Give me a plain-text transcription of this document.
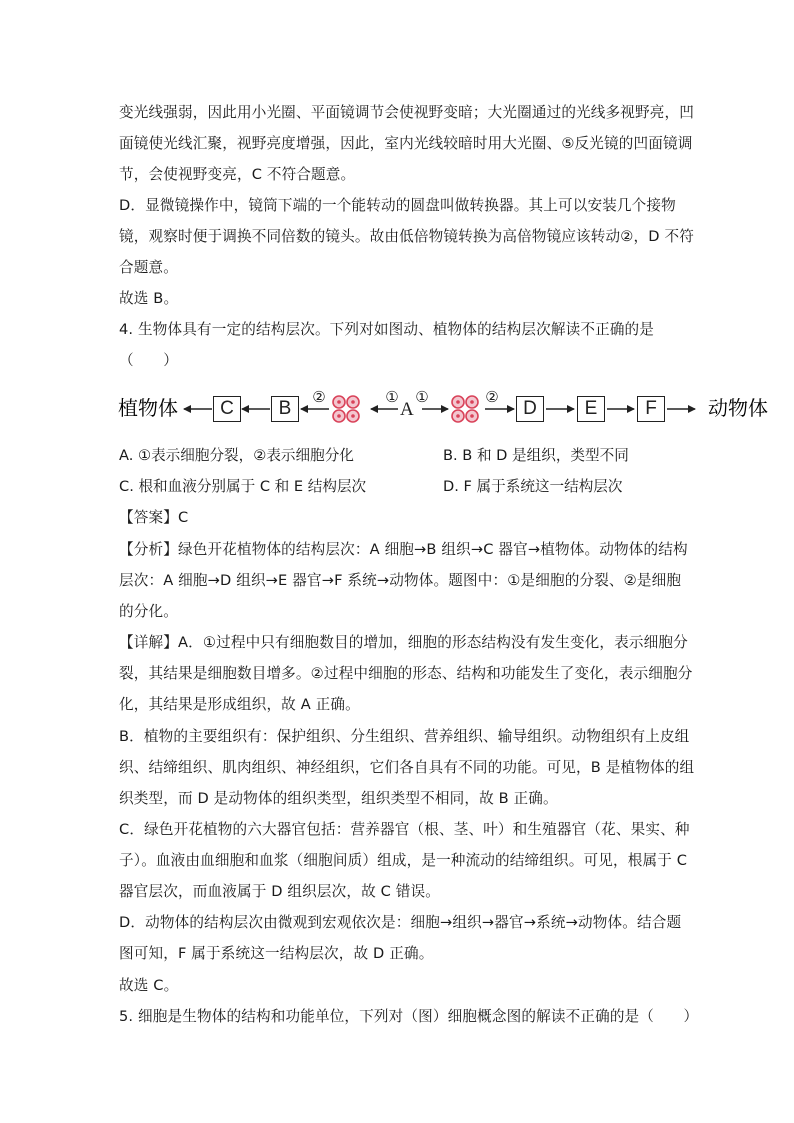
变光线强弱，因此用小光圈、平面镜调节会使视野变暗；大光圈通过的光线多视野亮，凹
面镜使光线汇聚，视野亮度增强，因此，室内光线较暗时用大光圈、⑤反光镜的凹面镜调
节，会使视野变亮，C 不符合题意。
D．显微镜操作中，镜筒下端的一个能转动的圆盘叫做转换器。其上可以安装几个接物
镜，观察时便于调换不同倍数的镜头。故由低倍物镜转换为高倍物镜应该转动②，D 不符
合题意。
故选 B。
4. 生物体具有一定的结构层次。下列对如图动、植物体的结构层次解读不正确的是
（　　）
②	① ①	②
植物体	C	B	A	D	E	F	动物体
A. ①表示细胞分裂，②表示细胞分化	B. B 和 D 是组织，类型不同
C. 根和血液分别属于 C 和 E 结构层次	D. F 属于系统这一结构层次
【答案】C
【分析】绿色开花植物体的结构层次：A 细胞→B 组织→C 器官→植物体。动物体的结构
层次：A 细胞→D 组织→E 器官→F 系统→动物体。题图中：①是细胞的分裂、②是细胞
的分化。
【详解】A．①过程中只有细胞数目的增加，细胞的形态结构没有发生变化，表示细胞分
裂，其结果是细胞数目增多。②过程中细胞的形态、结构和功能发生了变化，表示细胞分
化，其结果是形成组织，故 A 正确。
B．植物的主要组织有：保护组织、分生组织、营养组织、输导组织。动物组织有上皮组
织、结缔组织、肌肉组织、神经组织，它们各自具有不同的功能。可见，B 是植物体的组
织类型，而 D 是动物体的组织类型，组织类型不相同，故 B 正确。
C．绿色开花植物的六大器官包括：营养器官（根、茎、叶）和生殖器官（花、果实、种
子）。血液由血细胞和血浆（细胞间质）组成，是一种流动的结缔组织。可见，根属于 C
器官层次，而血液属于 D 组织层次，故 C 错误。
D．动物体的结构层次由微观到宏观依次是：细胞→组织→器官→系统→动物体。结合题
图可知，F 属于系统这一结构层次，故 D 正确。
故选 C。
5. 细胞是生物体的结构和功能单位，下列对（图）细胞概念图的解读不正确的是（　　）
